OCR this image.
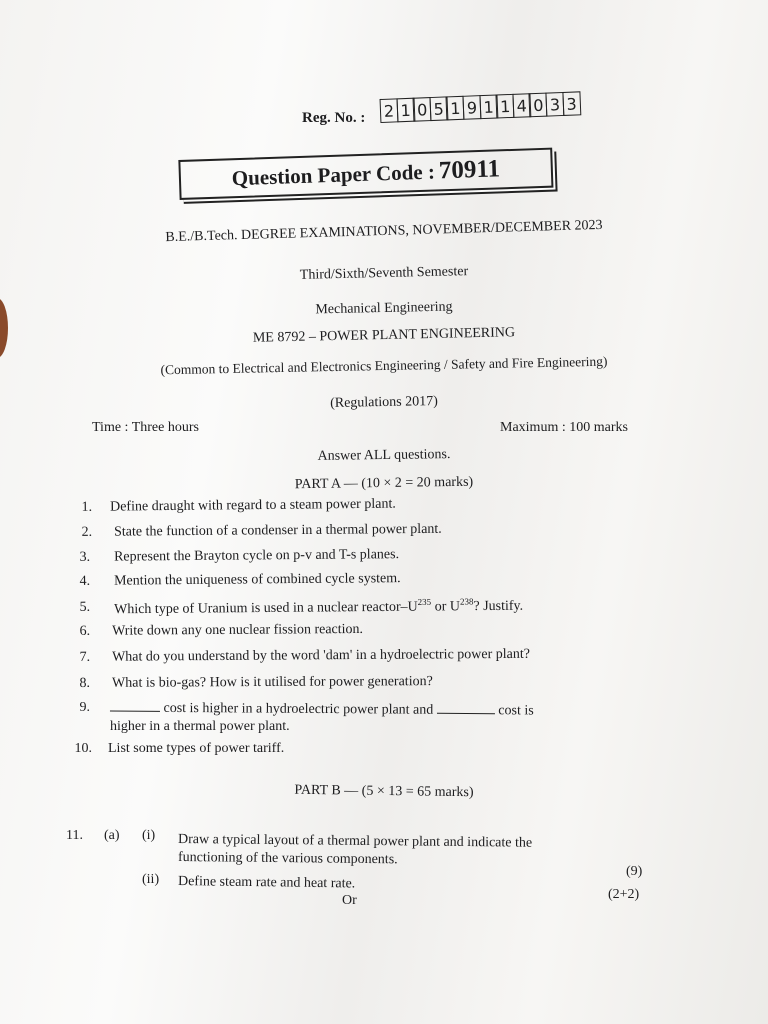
Reg. No. : 2 1 0 5 1 9 1 1 4 0 3 3
Question Paper Code : 70911
B.E./B.Tech. DEGREE EXAMINATIONS, NOVEMBER/DECEMBER 2023
Third/Sixth/Seventh Semester
Mechanical Engineering
ME 8792 – POWER PLANT ENGINEERING
(Common to Electrical and Electronics Engineering / Safety and Fire Engineering)
(Regulations 2017)
Time : Three hours	Maximum : 100 marks
Answer ALL questions.
PART A — (10 × 2 = 20 marks)
1. Define draught with regard to a steam power plant.
2. State the function of a condenser in a thermal power plant.
3. Represent the Brayton cycle on p-v and T-s planes.
4. Mention the uniqueness of combined cycle system.
5. Which type of Uranium is used in a nuclear reactor–$U^{235}$ or $U^{238}$? Justify.
6. Write down any one nuclear fission reaction.
7. What do you understand by the word 'dam' in a hydroelectric power plant?
8. What is bio-gas? How is it utilised for power generation?
9.	cost is higher in a hydroelectric power plant and	cost is
higher in a thermal power plant.
10. List some types of power tariff.
PART B — (5 × 13 = 65 marks)
11. (a) (i) Draw a typical layout of a thermal power plant and indicate the
functioning of the various components.
(9)
(ii) Define steam rate and heat rate.
(2+2)
Or
